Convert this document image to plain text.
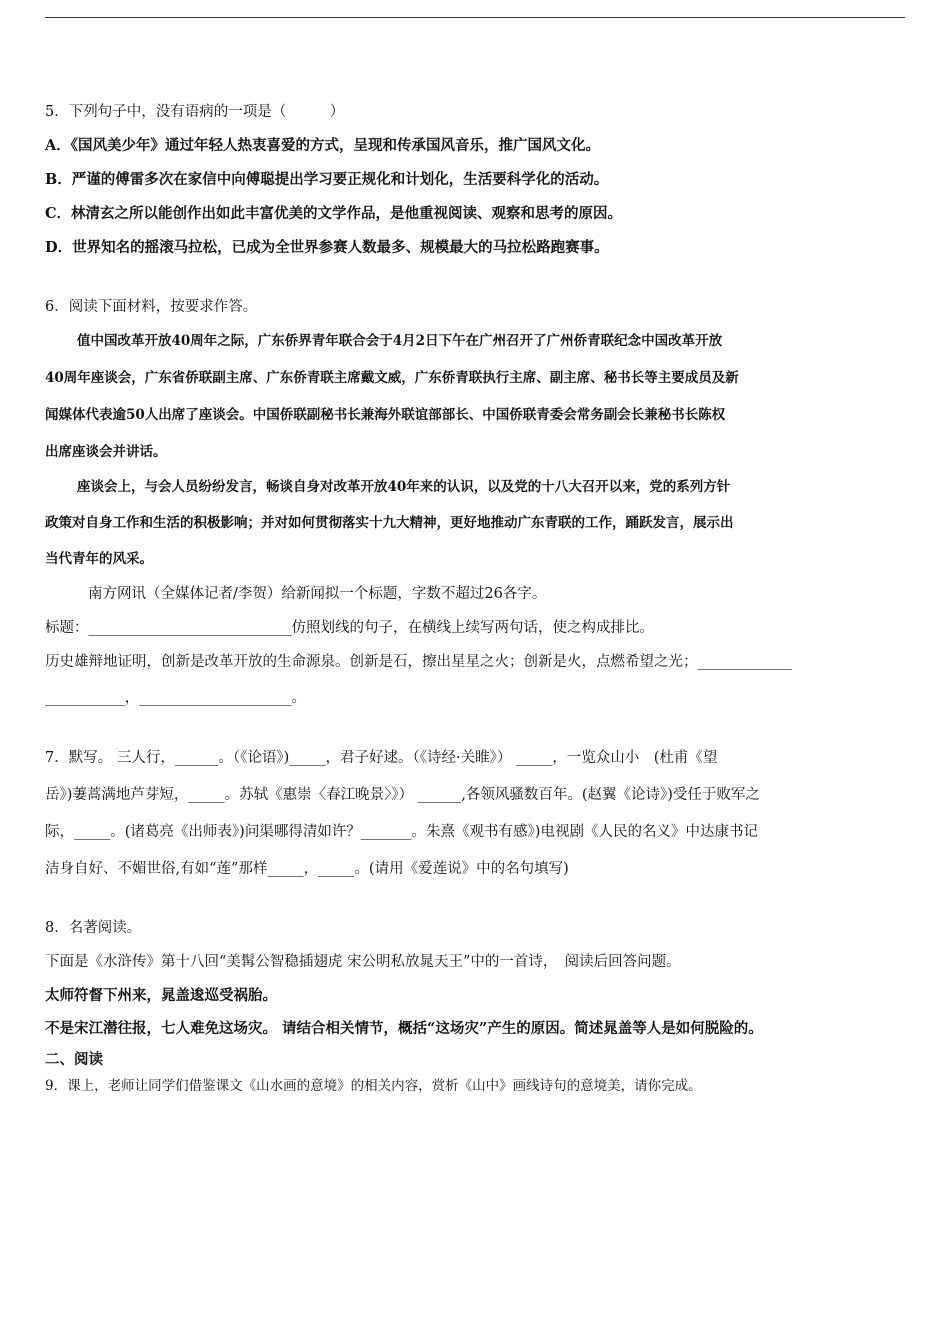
5．下列句子中，没有语病的一项是（　　　）
A．《国风美少年》通过年轻人热衷喜爱的方式，呈现和传承国风音乐，推广国风文化。
B．严谨的傅雷多次在家信中向傅聪提出学习要正规化和计划化，生活要科学化的活动。
C．林清玄之所以能创作出如此丰富优美的文学作品，是他重视阅读、观察和思考的原因。
D．世界知名的摇滚马拉松，已成为全世界参赛人数最多、规模最大的马拉松路跑赛事。
6．阅读下面材料，按要求作答。
值中国改革开放40周年之际，广东侨界青年联合会于4月2日下午在广州召开了广州侨青联纪念中国改革开放
40周年座谈会，广东省侨联副主席、广东侨青联主席戴文威，广东侨青联执行主席、副主席、秘书长等主要成员及新
闻媒体代表逾50人出席了座谈会。中国侨联副秘书长兼海外联谊部部长、中国侨联青委会常务副会长兼秘书长陈权
出席座谈会并讲话。
座谈会上，与会人员纷纷发言，畅谈自身对改革开放40年来的认识，以及党的十八大召开以来，党的系列方针
政策对自身工作和生活的积极影响；并对如何贯彻落实十九大精神，更好地推动广东青联的工作，踊跃发言，展示出
当代青年的风采。
南方网讯（全媒体记者/李贺）给新闻拟一个标题，字数不超过26各字。
标题：____________________________仿照划线的句子，在横线上续写两句话，使之构成排比。
历史雄辩地证明，创新是改革开放的生命源泉。创新是石，擦出星星之火；创新是火，点燃希望之光；_____________
___________，_____________________。
7．默写。 三人行，______。（《论语》)_____，君子好逑。（《诗经·关睢》） _____，一览众山小　(杜甫《望
岳》)萋蒿满地芦芽短，_____。苏轼《惠崇〈春江晚景〉》） ______,各领风骚数百年。(赵翼《论诗》)受任于败军之
际，_____。(诸葛亮《出师表》)问渠哪得清如许？_______。朱熹《观书有感》)电视剧《人民的名义》中达康书记
洁身自好、不媚世俗,有如“莲”那样_____，_____。(请用《爱莲说》中的名句填写)
8．名著阅读。
下面是《水浒传》第十八回“美髯公智稳插翅虎 宋公明私放晁天王”中的一首诗，　阅读后回答问题。
太师符督下州来，晁盖逡巡受祸胎。
不是宋江潜往报，七人难免这场灾。 请结合相关情节，概括“这场灾”产生的原因。简述晁盖等人是如何脱险的。
二、阅读
9．课上，老师让同学们借鉴课文《山水画的意境》的相关内容，赏析《山中》画线诗句的意境美，请你完成。
